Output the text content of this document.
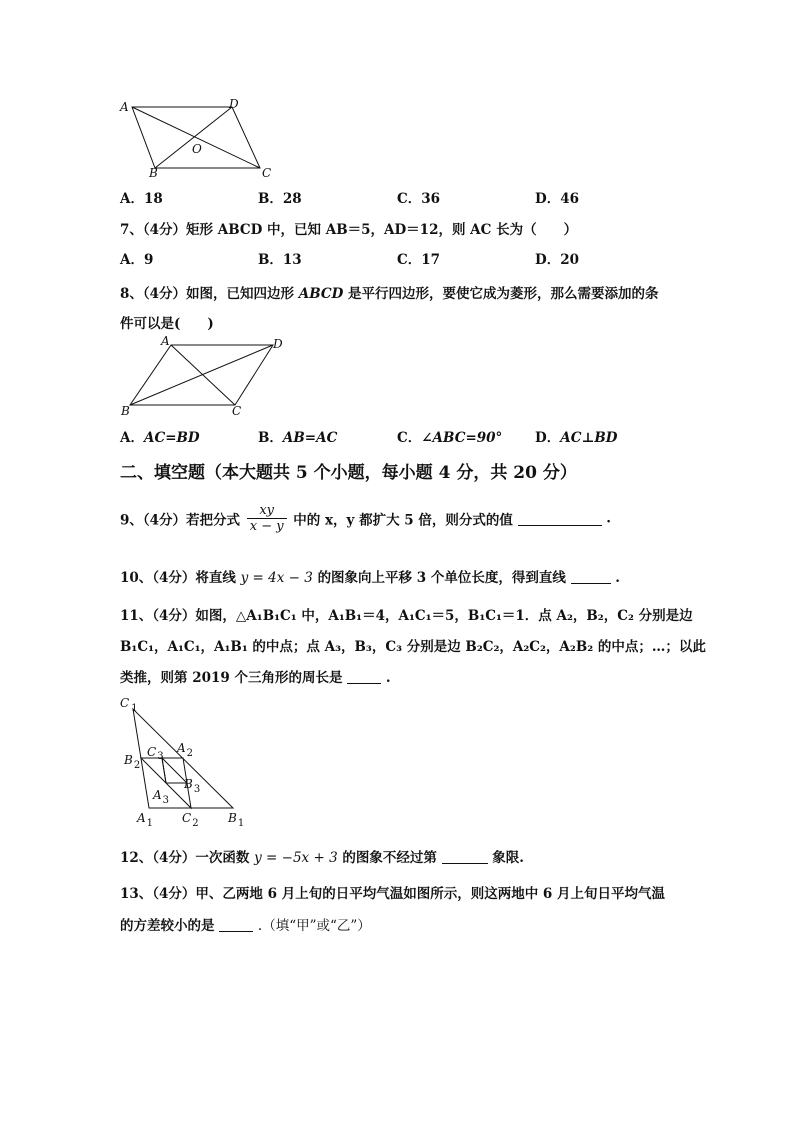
A	D
B	C
O
A．18	B．28	C．36	D．46
7、（4分）矩形 ABCD 中，已知 AB＝5，AD＝12，则 AC 长为（　　）
A．9	B．13	C．17	D．20
8、（4分）如图，已知四边形 ABCD 是平行四边形，要使它成为菱形，那么需要添加的条
件可以是(　　)
A	D
B	C
A．AC=BD	B．AB=AC	C．∠ABC=90° D．AC⊥BD
二、填空题（本大题共 5 个小题，每小题 4 分，共 20 分）
9、（4分）若把分式 $\frac{xy}{x - y}$ 中的 x，y 都扩大 5 倍，则分式的值	.
10、（4分）将直线 y = 4x − 3 的图象向上平移 3 个单位长度，得到直线	.
11、（4分）如图，△A₁B₁C₁ 中，A₁B₁＝4，A₁C₁＝5，B₁C₁＝1．点 A₂，B₂，C₂ 分别是边
B₁C₁，A₁C₁，A₁B₁ 的中点；点 A₃，B₃，C₃ 分别是边 B₂C₂，A₂C₂，A₂B₂ 的中点；…；以此
类推，则第 2019 个三角形的周长是	.
C $_1$
$C_3$
$A_2$
$B_2$
$B_3$
$A_3$
$A_1$ $C_2$ $B_1$
12、（4分）一次函数 y = −5x + 3 的图象不经过第	象限.
13、（4分）甲、乙两地 6 月上旬的日平均气温如图所示，则这两地中 6 月上旬日平均气温
的方差较小的是	.（填“甲”或“乙”）
